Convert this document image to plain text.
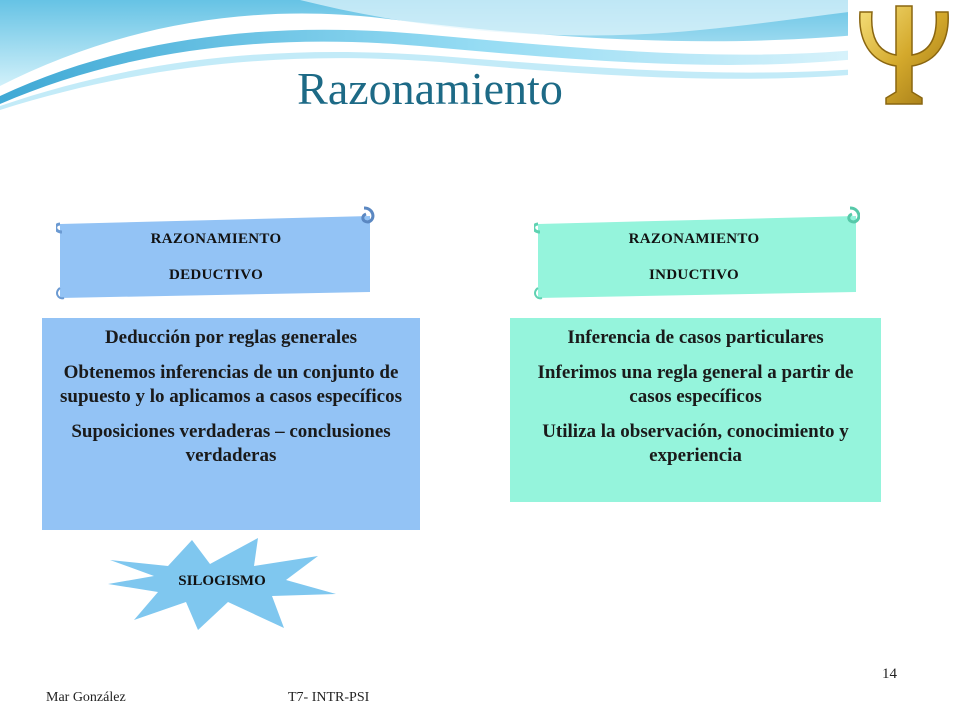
Razonamiento
RAZONAMIENTO
DEDUCTIVO
RAZONAMIENTO
INDUCTIVO

Deducción por reglas generales

Obtenemos inferencias de un conjunto de supuesto y lo aplicamos a casos específicos

Suposiciones verdaderas – conclusiones verdaderas

Inferencia de casos particulares

Inferimos una regla general a partir de casos específicos

Utiliza la observación, conocimiento y experiencia

SILOGISMO
Mar González	T7- INTR-PSI
14
